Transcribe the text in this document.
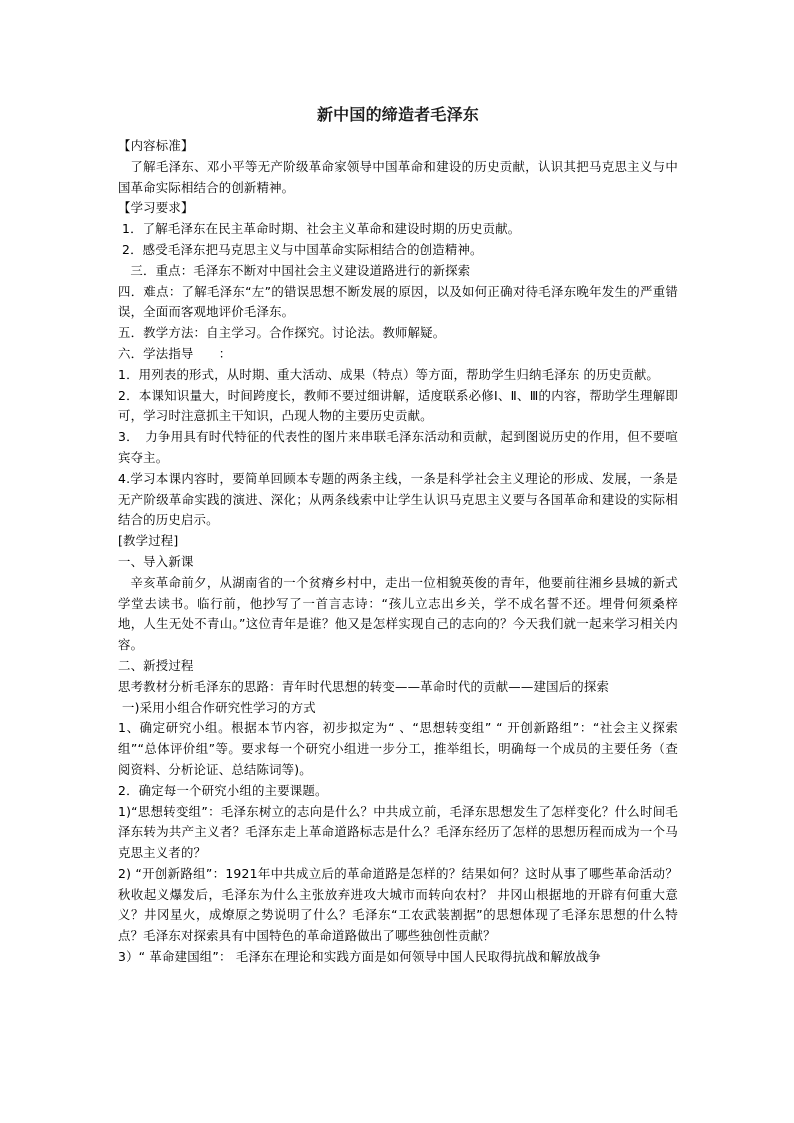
新中国的缔造者毛泽东

【内容标准】

了解毛泽东、邓小平等无产阶级革命家领导中国革命和建设的历史贡献，认识其把马克思主义与中国革命实际相结合的创新精神。

【学习要求】

1．了解毛泽东在民主革命时期、社会主义革命和建设时期的历史贡献。

2．感受毛泽东把马克思主义与中国革命实际相结合的创造精神。

三．重点：毛泽东不断对中国社会主义建设道路进行的新探索

四．难点：了解毛泽东“左”的错误思想不断发展的原因，以及如何正确对待毛泽东晚年发生的严重错误，全面而客观地评价毛泽东。

五．教学方法：自主学习。合作探究。讨论法。教师解疑。

六．学法指导　　：

1．用列表的形式，从时期、重大活动、成果（特点）等方面，帮助学生归纳毛泽东 的历史贡献。

2．本课知识量大，时间跨度长，教师不要过细讲解，适度联系必修Ⅰ、Ⅱ、Ⅲ的内容，帮助学生理解即可，学习时注意抓主干知识，凸现人物的主要历史贡献。

3．　力争用具有时代特征的代表性的图片来串联毛泽东活动和贡献，起到图说历史的作用，但不要喧宾夺主。

4.学习本课内容时，要简单回顾本专题的两条主线，一条是科学社会主义理论的形成、发展，一条是无产阶级革命实践的演进、深化；从两条线索中让学生认识马克思主义要与各国革命和建设的实际相结合的历史启示。

[教学过程]

一、导入新课

辛亥革命前夕，从湖南省的一个贫瘠乡村中，走出一位相貌英俊的青年，他要前往湘乡县城的新式学堂去读书。临行前，他抄写了一首言志诗：“孩儿立志出乡关，学不成名誓不还。埋骨何须桑梓地，人生无处不青山。”这位青年是谁？他又是怎样实现自己的志向的？今天我们就一起来学习相关内容。

二、新授过程

思考教材分析毛泽东的思路：青年时代思想的转变——革命时代的贡献——建国后的探索

一)采用小组合作研究性学习的方式

1、确定研究小组。根据本节内容，初步拟定为“ 、“思想转变组” “ 开创新路组”：“社会主义探索组”“总体评价组”等。要求每一个研究小组进一步分工，推举组长，明确每一个成员的主要任务（查阅资料、分析论证、总结陈词等)。

2．确定每一个研究小组的主要课题。

1)“思想转变组”：毛泽东树立的志向是什么？中共成立前，毛泽东思想发生了怎样变化？什么时间毛泽东转为共产主义者？毛泽东走上革命道路标志是什么？毛泽东经历了怎样的思想历程而成为一个马克思主义者的？

2) “开创新路组”：1921年中共成立后的革命道路是怎样的？结果如何？这时从事了哪些革命活动？秋收起义爆发后，毛泽东为什么主张放弃进攻大城市而转向农村？ 井冈山根据地的开辟有何重大意义？井冈星火，成燎原之势说明了什么？毛泽东“工农武装割据”的思想体现了毛泽东思想的什么特点？毛泽东对探索具有中国特色的革命道路做出了哪些独创性贡献？

3）“ 革命建国组”： 毛泽东在理论和实践方面是如何领导中国人民取得抗战和解放战争
